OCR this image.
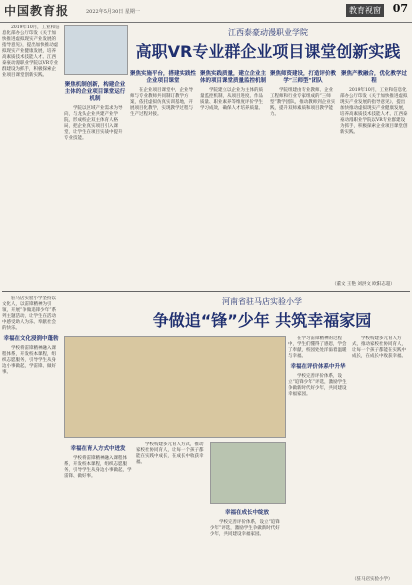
中国教育报	2022年5月30日 星期一	教育视窗 07
江西泰豪动漫职业学院
高职VR专业群企业项目课堂创新实践

2019年10月，工业和信息化部办公厅印发《关于加快推进虚拟现实产业发展的指导意见》，提出加快推动虚拟现实产业健康发展，培养高素质技术技能人才。江西泰豪动漫职业学院以VR专业群建设为抓手，积极探索企业项目课堂创新实践。

聚焦机制创新，构建企业主体的企业项目课堂运行机制

学院以区域产业需求为导向，与龙头企业共建产业学院，形成校企双主体育人格局，把企业真实项目引入课堂，让学生在项目实战中提升专业技能。

聚焦实施平台，搭建实践性企业项目课堂

在企业项目课堂中，企业导师与专业教师共同制订教学方案，依托虚拟仿真实训基地，开展项目化教学，实现教学过程与生产过程对接。

聚焦实践质量，建立企业主体的项目课堂质量监控机制

学院建立以企业为主体的质量监控机制，从项目进度、作品质量、职业素养等维度评价学生学习成效，确保人才培养质量。

聚焦师资建设，打造评价教学“三师型”团队

学院组建由专业教师、企业工程师和行业专家组成的“三师型”教学团队，推动教师到企业实践，提升双师素质和项目教学能力。

聚焦产教融合，优化教学过程

2019年10月，工业和信息化部办公厅印发《关于加快推进虚拟现实产业发展的指导意见》，提出加快推动虚拟现实产业健康发展，培养高素质技术技能人才。江西泰豪动漫职业学院以VR专业群建设为抓手，积极探索企业项目课堂创新实践。

（董文 王艳 刘洪文 欧阳志超）
河南省驻马店实验小学
争做追“锋”少年 共筑幸福家园

驻马店实验小学坚持以文化人，以雷锋精神为引领，开展“争做追锋少年”系列主题活动，让学生在活动中感受助人为乐、奉献社会的快乐。

幸福在文化浸润中蓬勃

学校将雷锋精神融入课程体系，开发校本课程，组织志愿服务，引导学生从身边小事做起，学雷锋、做好事。

幸福在育人方式中迸发

学校将雷锋精神融入课程体系，开发校本课程，组织志愿服务，引导学生从身边小事做起，学雷锋、做好事。

学校构建多元育人方式，推动家校社协同育人，让每一个孩子都能在实践中成长，在成长中收获幸福。

幸福在成长中绽放

学校完善评价体系，设立“追锋少年”评选，激励学生争做新时代好少年，共同建设幸福家园。

在学习雷锋精神的过程中，学生们懂得了感恩，学会了奉献，校园处处洋溢着温暖与幸福。

幸福在评价体系中升华

学校完善评价体系，设立“追锋少年”评选，激励学生争做新时代好少年，共同建设幸福家园。

学校构建多元育人方式，推动家校社协同育人，让每一个孩子都能在实践中成长，在成长中收获幸福。

（驻马店实验小学）
